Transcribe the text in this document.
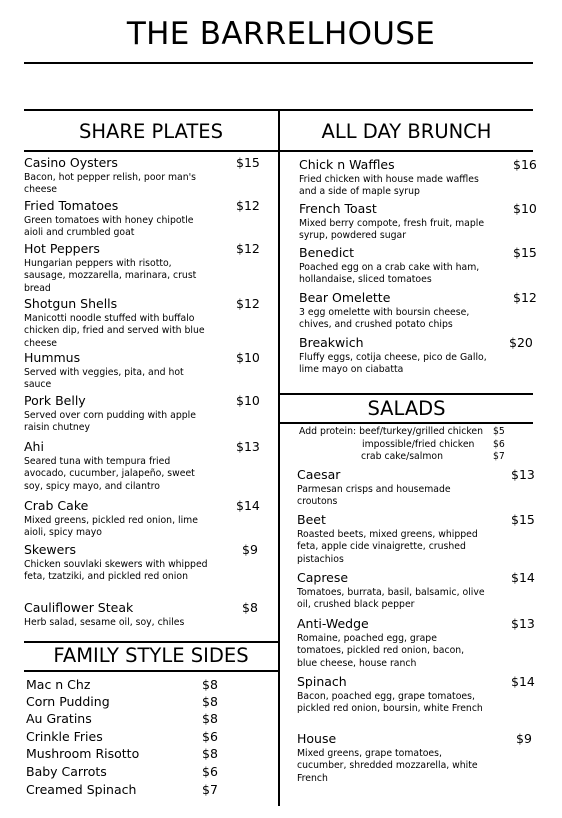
THE BARRELHOUSE
SHARE PLATES	ALL DAY BRUNCH
SALADS
FAMILY STYLE SIDES
Casino Oysters	$15
Bacon, hot pepper relish, poor man's cheese
Fried Tomatoes	$12
Green tomatoes with honey chipotle aioli and crumbled goat
Hot Peppers	$12
Hungarian peppers with risotto, sausage, mozzarella, marinara, crust bread
Shotgun Shells	$12
Manicotti noodle stuffed with buffalo chicken dip, fried and served with blue cheese
Hummus	$10
Served with veggies, pita, and hot sauce
Pork Belly	$10
Served over corn pudding with apple raisin chutney
Ahi	$13
Seared tuna with tempura fried avocado, cucumber, jalapeño, sweet soy, spicy mayo, and cilantro
Crab Cake	$14
Mixed greens, pickled red onion, lime aioli, spicy mayo
Skewers	$9
Chicken souvlaki skewers with whipped feta, tzatziki, and pickled red onion
Cauliflower Steak	$8
Herb salad, sesame oil, soy, chiles
Mac n Chz	$8
Corn Pudding	$8
Au Gratins	$8
Crinkle Fries	$6
Mushroom Risotto	$8
Baby Carrots	$6
Creamed Spinach	$7
Chick n Waffles	$16
Fried chicken with house made waffles and a side of maple syrup
French Toast	$10
Mixed berry compote, fresh fruit, maple syrup, powdered sugar
Benedict	$15
Poached egg on a crab cake with ham, hollandaise, sliced tomatoes
Bear Omelette	$12
3 egg omelette with boursin cheese, chives, and crushed potato chips
Breakwich	$20
Fluffy eggs, cotija cheese, pico de Gallo, lime mayo on ciabatta
Add protein: beef/turkey/grilled chicken $5
impossible/fried chicken $6
crab cake/salmon	$7
Caesar	$13
Parmesan crisps and housemade croutons
Beet	$15
Roasted beets, mixed greens, whipped feta, apple cide vinaigrette, crushed pistachios
Caprese	$14
Tomatoes, burrata, basil, balsamic, olive oil, crushed black pepper
Anti-Wedge	$13
Romaine, poached egg, grape tomatoes, pickled red onion, bacon, blue cheese, house ranch
Spinach	$14
Bacon, poached egg, grape tomatoes, pickled red onion, boursin, white French
House	$9
Mixed greens, grape tomatoes, cucumber, shredded mozzarella, white French
